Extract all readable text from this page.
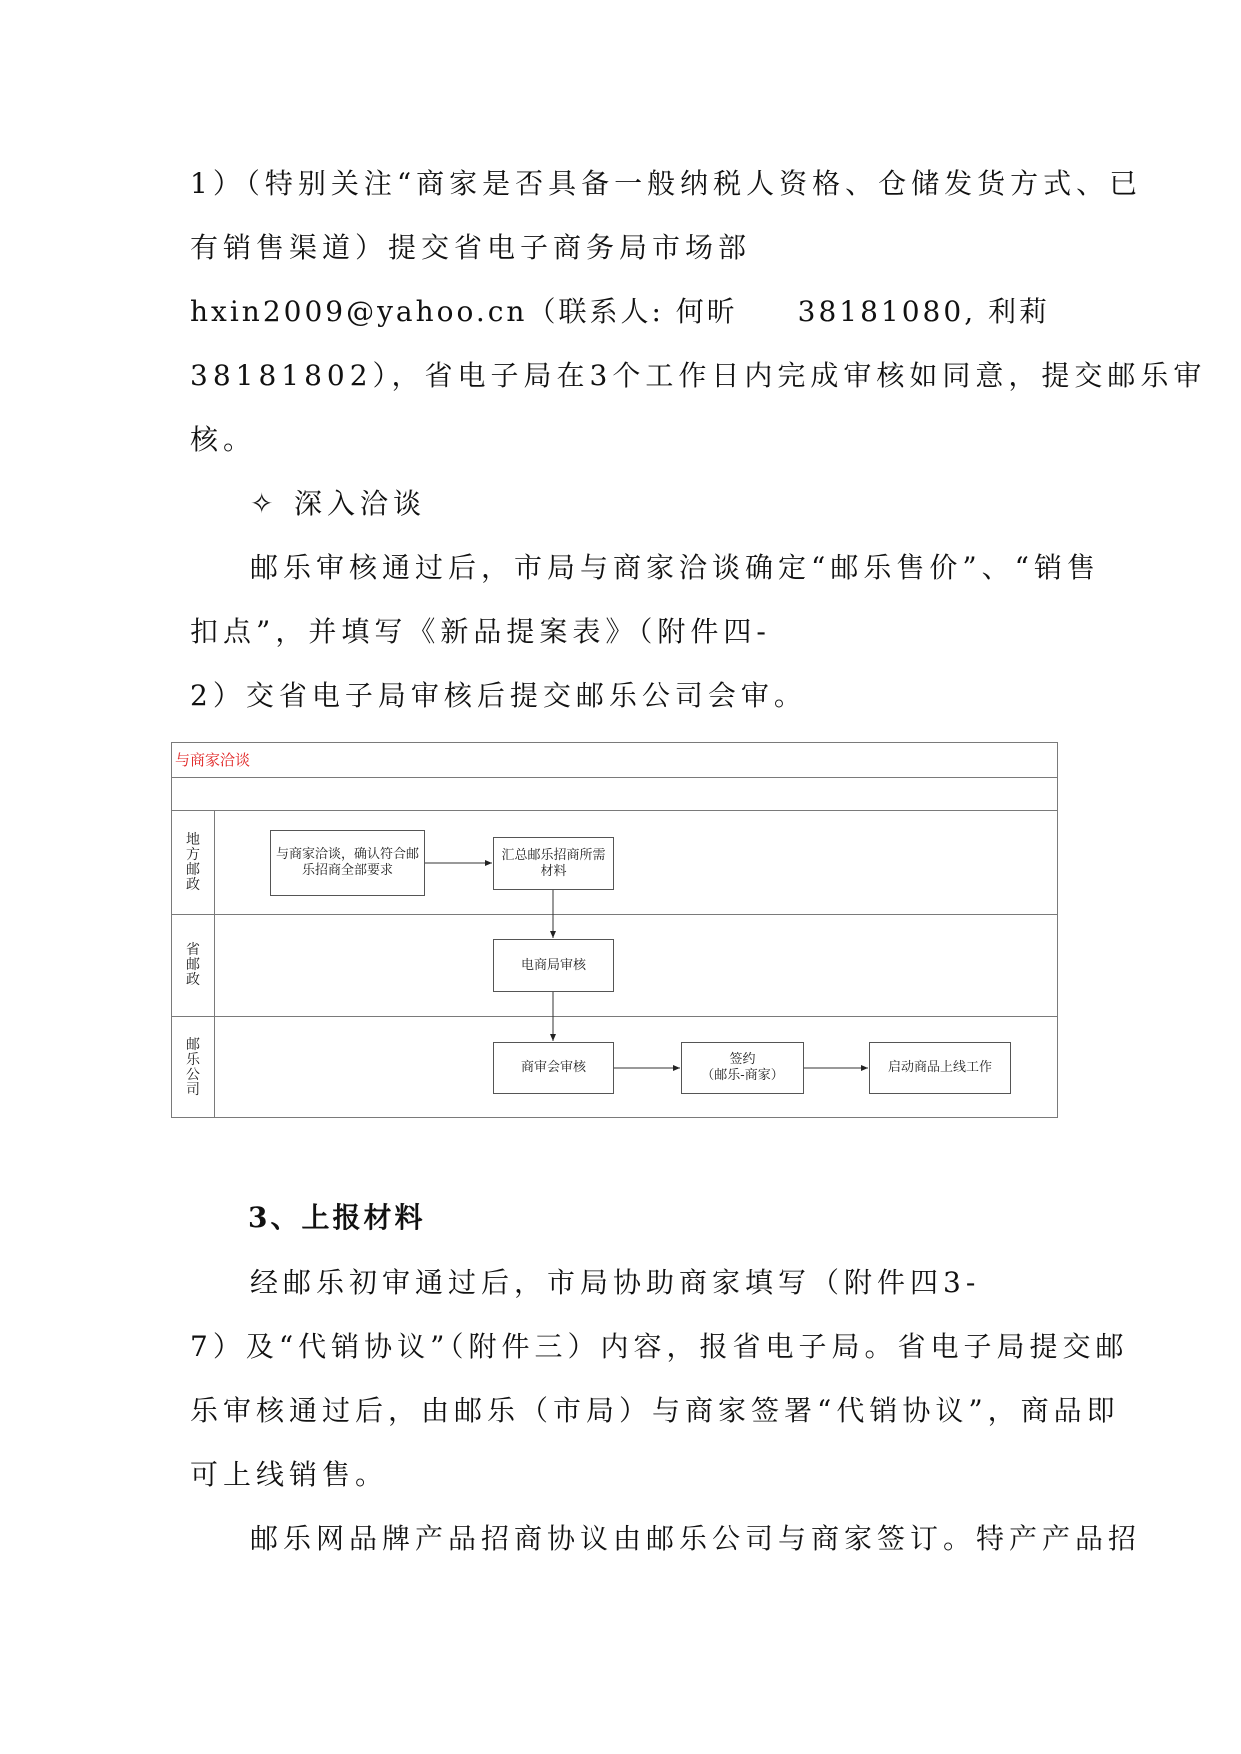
1）（特别关注“商家是否具备一般纳税人资格、仓储发货方式、已
有销售渠道）提交省电子商务局市场部
hxin2009@yahoo.cn（联系人: 何昕 38181080, 利莉
38181802），省电子局在3个工作日内完成审核如同意，提交邮乐审
核。
✧ 深入洽谈
邮乐审核通过后，市局与商家洽谈确定“邮乐售价”、“销售
扣点”，并填写《新品提案表》（附件四-
2）交省电子局审核后提交邮乐公司会审。
与商家洽谈
地方邮政
省邮政
邮乐公司
与商家洽谈，确认符合邮乐招商全部要求
汇总邮乐招商所需材料
电商局审核
商审会审核
签约
（邮乐-商家）
启动商品上线工作
3、上报材料
经邮乐初审通过后，市局协助商家填写（附件四3-
7）及“代销协议”（附件三）内容，报省电子局。省电子局提交邮
乐审核通过后，由邮乐（市局）与商家签署“代销协议”，商品即
可上线销售。
邮乐网品牌产品招商协议由邮乐公司与商家签订。特产产品招
